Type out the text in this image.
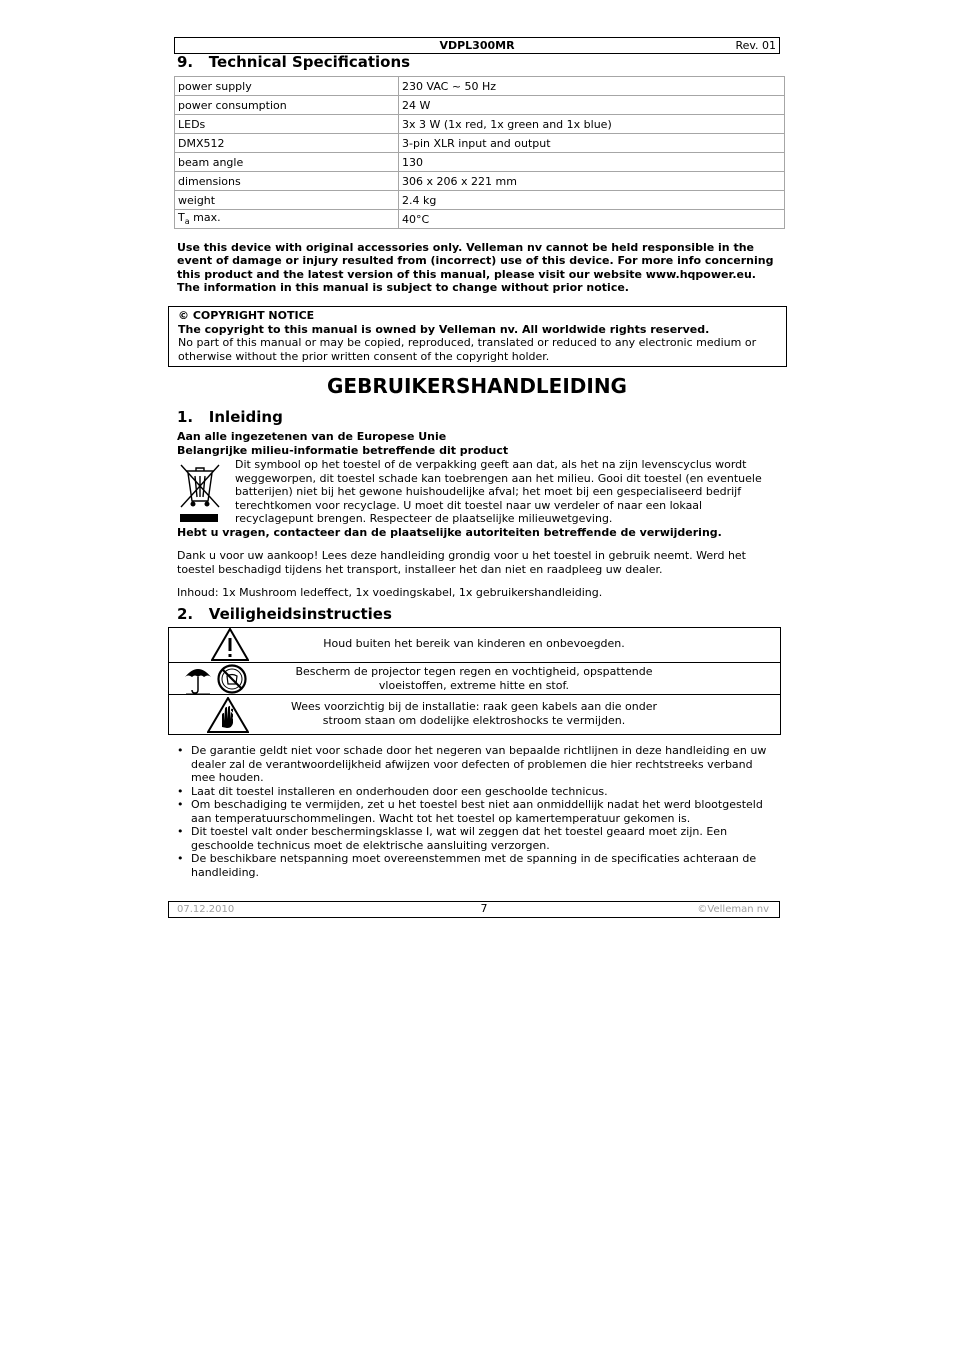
VDPL300MR	Rev. 01
9.   Technical Specifications
power supply	230 VAC ~ 50 Hz
power consumption	24 W
LEDs	3x 3 W (1x red, 1x green and 1x blue)
DMX512	3-pin XLR input and output
beam angle	130
dimensions	306 x 206 x 221 mm
weight	2.4 kg
$T_a$ max.	40°C
Use this device with original accessories only. Velleman nv cannot be held responsible in the event of damage or injury resulted from (incorrect) use of this device. For more info concerning this product and the latest version of this manual, please visit our website www.hqpower.eu. The information in this manual is subject to change without prior notice.
© COPYRIGHT NOTICE
The copyright to this manual is owned by Velleman nv. All worldwide rights reserved.
No part of this manual or may be copied, reproduced, translated or reduced to any electronic medium or otherwise without the prior written consent of the copyright holder.
GEBRUIKERSHANDLEIDING
1.   Inleiding
Aan alle ingezetenen van de Europese Unie
Belangrijke milieu-informatie betreffende dit product
Dit symbool op het toestel of de verpakking geeft aan dat, als het na zijn levenscyclus wordt weggeworpen, dit toestel schade kan toebrengen aan het milieu. Gooi dit toestel (en eventuele batterijen) niet bij het gewone huishoudelijke afval; het moet bij een gespecialiseerd bedrijf terechtkomen voor recyclage. U moet dit toestel naar uw verdeler of naar een lokaal recyclagepunt brengen. Respecteer de plaatselijke milieuwetgeving.
Hebt u vragen, contacteer dan de plaatselijke autoriteiten betreffende de verwijdering.
Dank u voor uw aankoop! Lees deze handleiding grondig voor u het toestel in gebruik neemt. Werd het toestel beschadigd tijdens het transport, installeer het dan niet en raadpleeg uw dealer.
Inhoud: 1x Mushroom ledeffect, 1x voedingskabel, 1x gebruikershandleiding.
2.   Veiligheidsinstructies
Houd buiten het bereik van kinderen en onbevoegden.
Bescherm de projector tegen regen en vochtigheid, opspattende
vloeistoffen, extreme hitte en stof.
Wees voorzichtig bij de installatie: raak geen kabels aan die onder
stroom staan om dodelijke elektroshocks te vermijden.
• De garantie geldt niet voor schade door het negeren van bepaalde richtlijnen in deze handleiding en uw dealer zal de verantwoordelijkheid afwijzen voor defecten of problemen die hier rechtstreeks verband mee houden.
• Laat dit toestel installeren en onderhouden door een geschoolde technicus.
• Om beschadiging te vermijden, zet u het toestel best niet aan onmiddellijk nadat het werd blootgesteld aan temperatuurschommelingen. Wacht tot het toestel op kamertemperatuur gekomen is.
• Dit toestel valt onder beschermingsklasse I, wat wil zeggen dat het toestel geaard moet zijn. Een geschoolde technicus moet de elektrische aansluiting verzorgen.
• De beschikbare netspanning moet overeenstemmen met de spanning in de specificaties achteraan de handleiding.
07.12.2010	7	©Velleman nv
